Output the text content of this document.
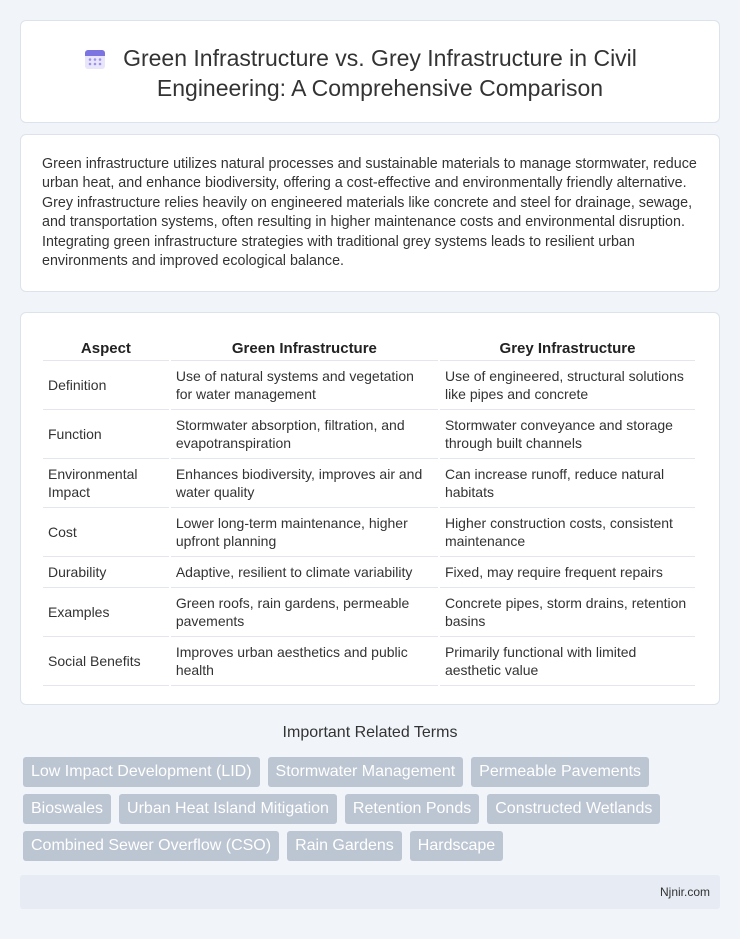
Green Infrastructure vs. Grey Infrastructure in Civil Engineering: A Comprehensive Comparison

Green infrastructure utilizes natural processes and sustainable materials to manage stormwater, reduce urban heat, and enhance biodiversity, offering a cost-effective and environmentally friendly alternative. Grey infrastructure relies heavily on engineered materials like concrete and steel for drainage, sewage, and transportation systems, often resulting in higher maintenance costs and environmental disruption. Integrating green infrastructure strategies with traditional grey systems leads to resilient urban environments and improved ecological balance.

Aspect	Green Infrastructure	Grey Infrastructure
Definition	Use of natural systems and vegetation for water management	Use of engineered, structural solutions like pipes and concrete
Function	Stormwater absorption, filtration, and evapotranspiration	Stormwater conveyance and storage through built channels
Environmental Impact	Enhances biodiversity, improves air and water quality	Can increase runoff, reduce natural habitats
Cost	Lower long-term maintenance, higher upfront planning	Higher construction costs, consistent maintenance
Durability	Adaptive, resilient to climate variability	Fixed, may require frequent repairs
Examples	Green roofs, rain gardens, permeable pavements	Concrete pipes, storm drains, retention basins
Social Benefits	Improves urban aesthetics and public health	Primarily functional with limited aesthetic value
Important Related Terms
Low Impact Development (LID)	Stormwater Management	Permeable Pavements
Bioswales	Urban Heat Island Mitigation	Retention Ponds	Constructed Wetlands
Combined Sewer Overflow (CSO)	Rain Gardens	Hardscape
Njnir.com
